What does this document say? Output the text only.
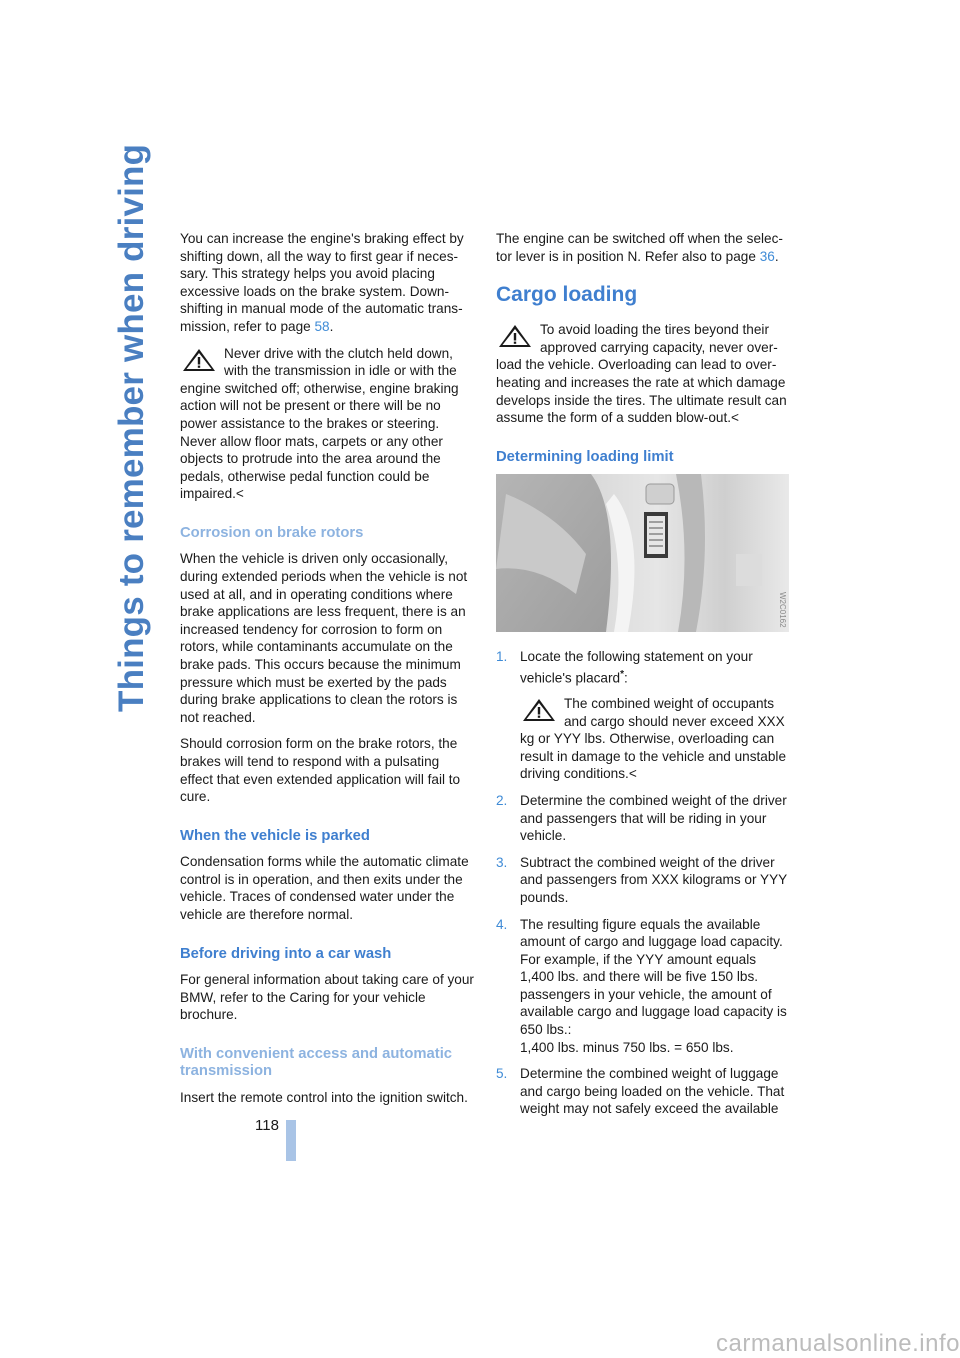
Things to remember when driving You can increase the engine's braking effect by shifting down, all the way to first gear if necessary. This strategy helps you avoid placing excessive loads on the brake system. Downshifting in manual mode of the automatic transmission, refer to page 58.

Never drive with the clutch held down, with the transmission in idle or with the engine switched off; otherwise, engine braking action will not be present or there will be no power assistance to the brakes or steering. Never allow floor mats, carpets or any other objects to protrude into the area around the pedals, otherwise pedal function could be impaired.<

Corrosion on brake rotors

When the vehicle is driven only occasionally, during extended periods when the vehicle is not used at all, and in operating conditions where brake applications are less frequent, there is an increased tendency for corrosion to form on rotors, while contaminants accumulate on the brake pads. This occurs because the minimum pressure which must be exerted by the pads during brake applications to clean the rotors is not reached.

Should corrosion form on the brake rotors, the brakes will tend to respond with a pulsating effect that even extended application will fail to cure.

When the vehicle is parked

Condensation forms while the automatic climate control is in operation, and then exits under the vehicle. Traces of condensed water under the vehicle are therefore normal.

Before driving into a car wash

For general information about taking care of your BMW, refer to the Caring for your vehicle brochure.

With convenient access and automatic transmission

Insert the remote control into the ignition switch.

The engine can be switched off when the selector lever is in position N. Refer also to page 36.

Cargo loading

To avoid loading the tires beyond their approved carrying capacity, never overload the vehicle. Overloading can lead to overheating and increases the rate at which damage develops inside the tires. The ultimate result can assume the form of a sudden blow-out.<

Determining loading limit
W2C0162
1. Locate the following statement on your vehicle's placard*:
The combined weight of occupants and cargo should never exceed XXX kg or YYY lbs. Otherwise, overloading can result in damage to the vehicle and unstable driving conditions.<
2. Determine the combined weight of the driver and passengers that will be riding in your vehicle.
3. Subtract the combined weight of the driver and passengers from XXX kilograms or YYY pounds.
4. The resulting figure equals the available amount of cargo and luggage load capacity. For example, if the YYY amount equals 1,400 lbs. and there will be five 150 lbs. passengers in your vehicle, the amount of available cargo and luggage load capacity is 650 lbs.:
1,400 lbs. minus 750 lbs. = 650 lbs.
5. Determine the combined weight of luggage and cargo being loaded on the vehicle. That weight may not safely exceed the available
118
carmanualsonline.info
